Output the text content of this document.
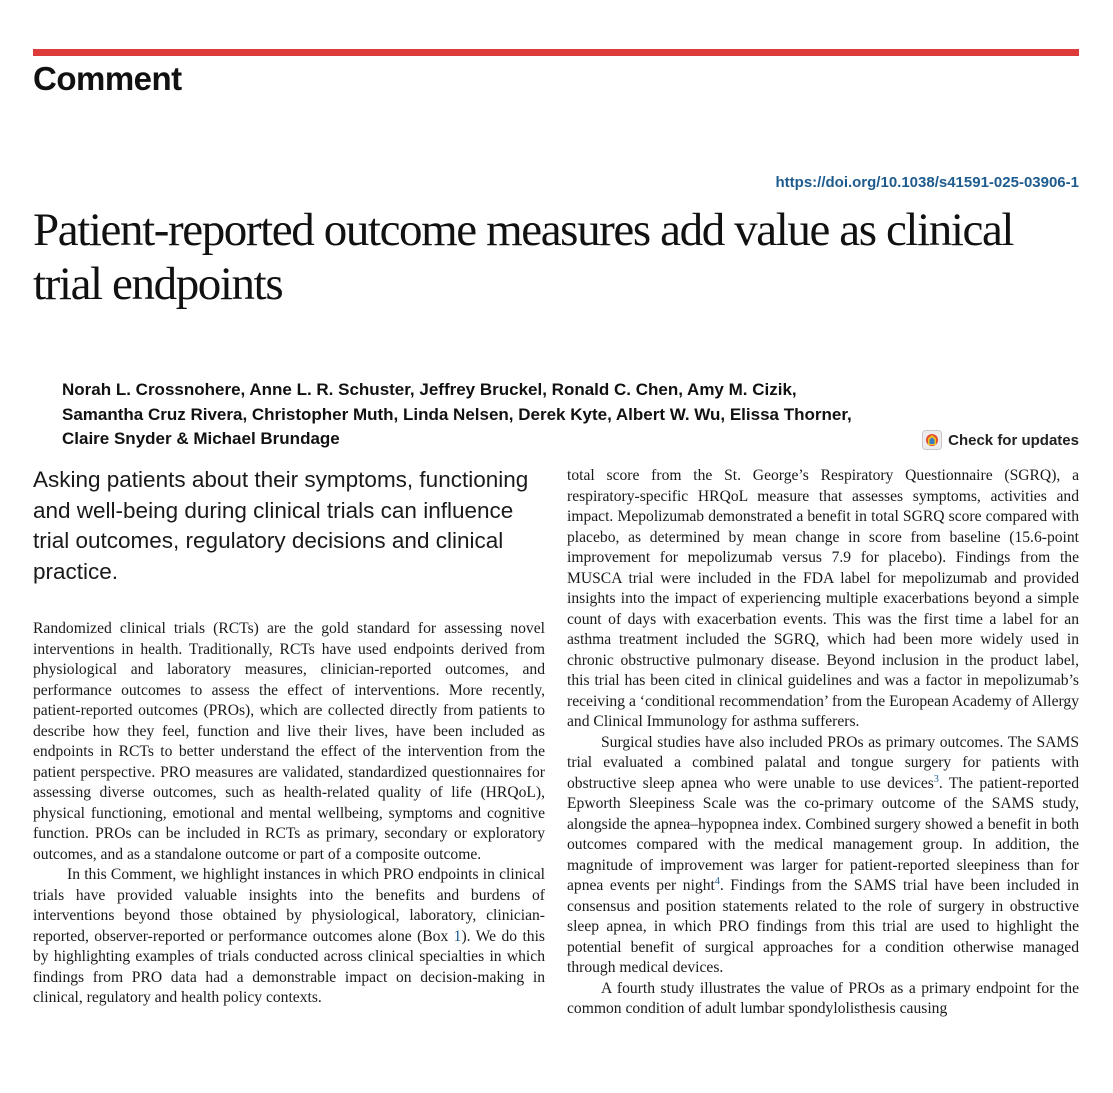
Comment
https://doi.org/10.1038/s41591-025-03906-1
Patient-reported outcome measures add value as clinical trial endpoints

Norah L. Crossnohere, Anne L. R. Schuster, Jeffrey Bruckel, Ronald C. Chen, Amy M. Cizik, Samantha Cruz Rivera, Christopher Muth, Linda Nelsen, Derek Kyte, Albert W. Wu, Elissa Thorner, Claire Snyder & Michael Brundage	Check for updates

Asking patients about their symptoms, functioning and well-being during clinical trials can influence trial outcomes, regulatory decisions and clinical practice.

Randomized clinical trials (RCTs) are the gold standard for assessing novel interventions in health. Traditionally, RCTs have used endpoints derived from physiological and laboratory measures, clinician-reported outcomes, and performance outcomes to assess the effect of interventions. More recently, patient-reported outcomes (PROs), which are collected directly from patients to describe how they feel, function and live their lives, have been included as endpoints in RCTs to better understand the effect of the intervention from the patient perspective. PRO measures are validated, standardized questionnaires for assessing diverse outcomes, such as health-related quality of life (HRQoL), physical functioning, emotional and mental wellbeing, symptoms and cognitive function. PROs can be included in RCTs as primary, secondary or exploratory outcomes, and as a standalone outcome or part of a composite outcome.

In this Comment, we highlight instances in which PRO endpoints in clinical trials have provided valuable insights into the benefits and burdens of interventions beyond those obtained by physiological, laboratory, clinician-reported, observer-reported or performance outcomes alone (Box 1). We do this by highlighting examples of trials conducted across clinical specialties in which findings from PRO data had a demonstrable impact on decision-making in clinical, regulatory and health policy contexts.

total score from the St. George’s Respiratory Questionnaire (SGRQ), a respiratory-specific HRQoL measure that assesses symptoms, activities and impact. Mepolizumab demonstrated a benefit in total SGRQ score compared with placebo, as determined by mean change in score from baseline (15.6-point improvement for mepolizumab versus 7.9 for placebo). Findings from the MUSCA trial were included in the FDA label for mepolizumab and provided insights into the impact of experiencing multiple exacerbations beyond a simple count of days with exacerbation events. This was the first time a label for an asthma treatment included the SGRQ, which had been more widely used in chronic obstructive pulmonary disease. Beyond inclusion in the product label, this trial has been cited in clinical guidelines and was a factor in mepolizumab’s receiving a ‘conditional recommendation’ from the European Academy of Allergy and Clinical Immunology for asthma sufferers.

Surgical studies have also included PROs as primary outcomes. The SAMS trial evaluated a combined palatal and tongue surgery for patients with obstructive sleep apnea who were unable to use devices$^3$. The patient-reported Epworth Sleepiness Scale was the co-primary outcome of the SAMS study, alongside the apnea–hypopnea index. Combined surgery showed a benefit in both outcomes compared with the medical management group. In addition, the magnitude of improvement was larger for patient-reported sleepiness than for apnea events per night$^4$. Findings from the SAMS trial have been included in consensus and position statements related to the role of surgery in obstructive sleep apnea, in which PRO findings from this trial are used to highlight the potential benefit of surgical approaches for a condition otherwise managed through medical devices.

A fourth study illustrates the value of PROs as a primary endpoint for the common condition of adult lumbar spondylolisthesis causing
